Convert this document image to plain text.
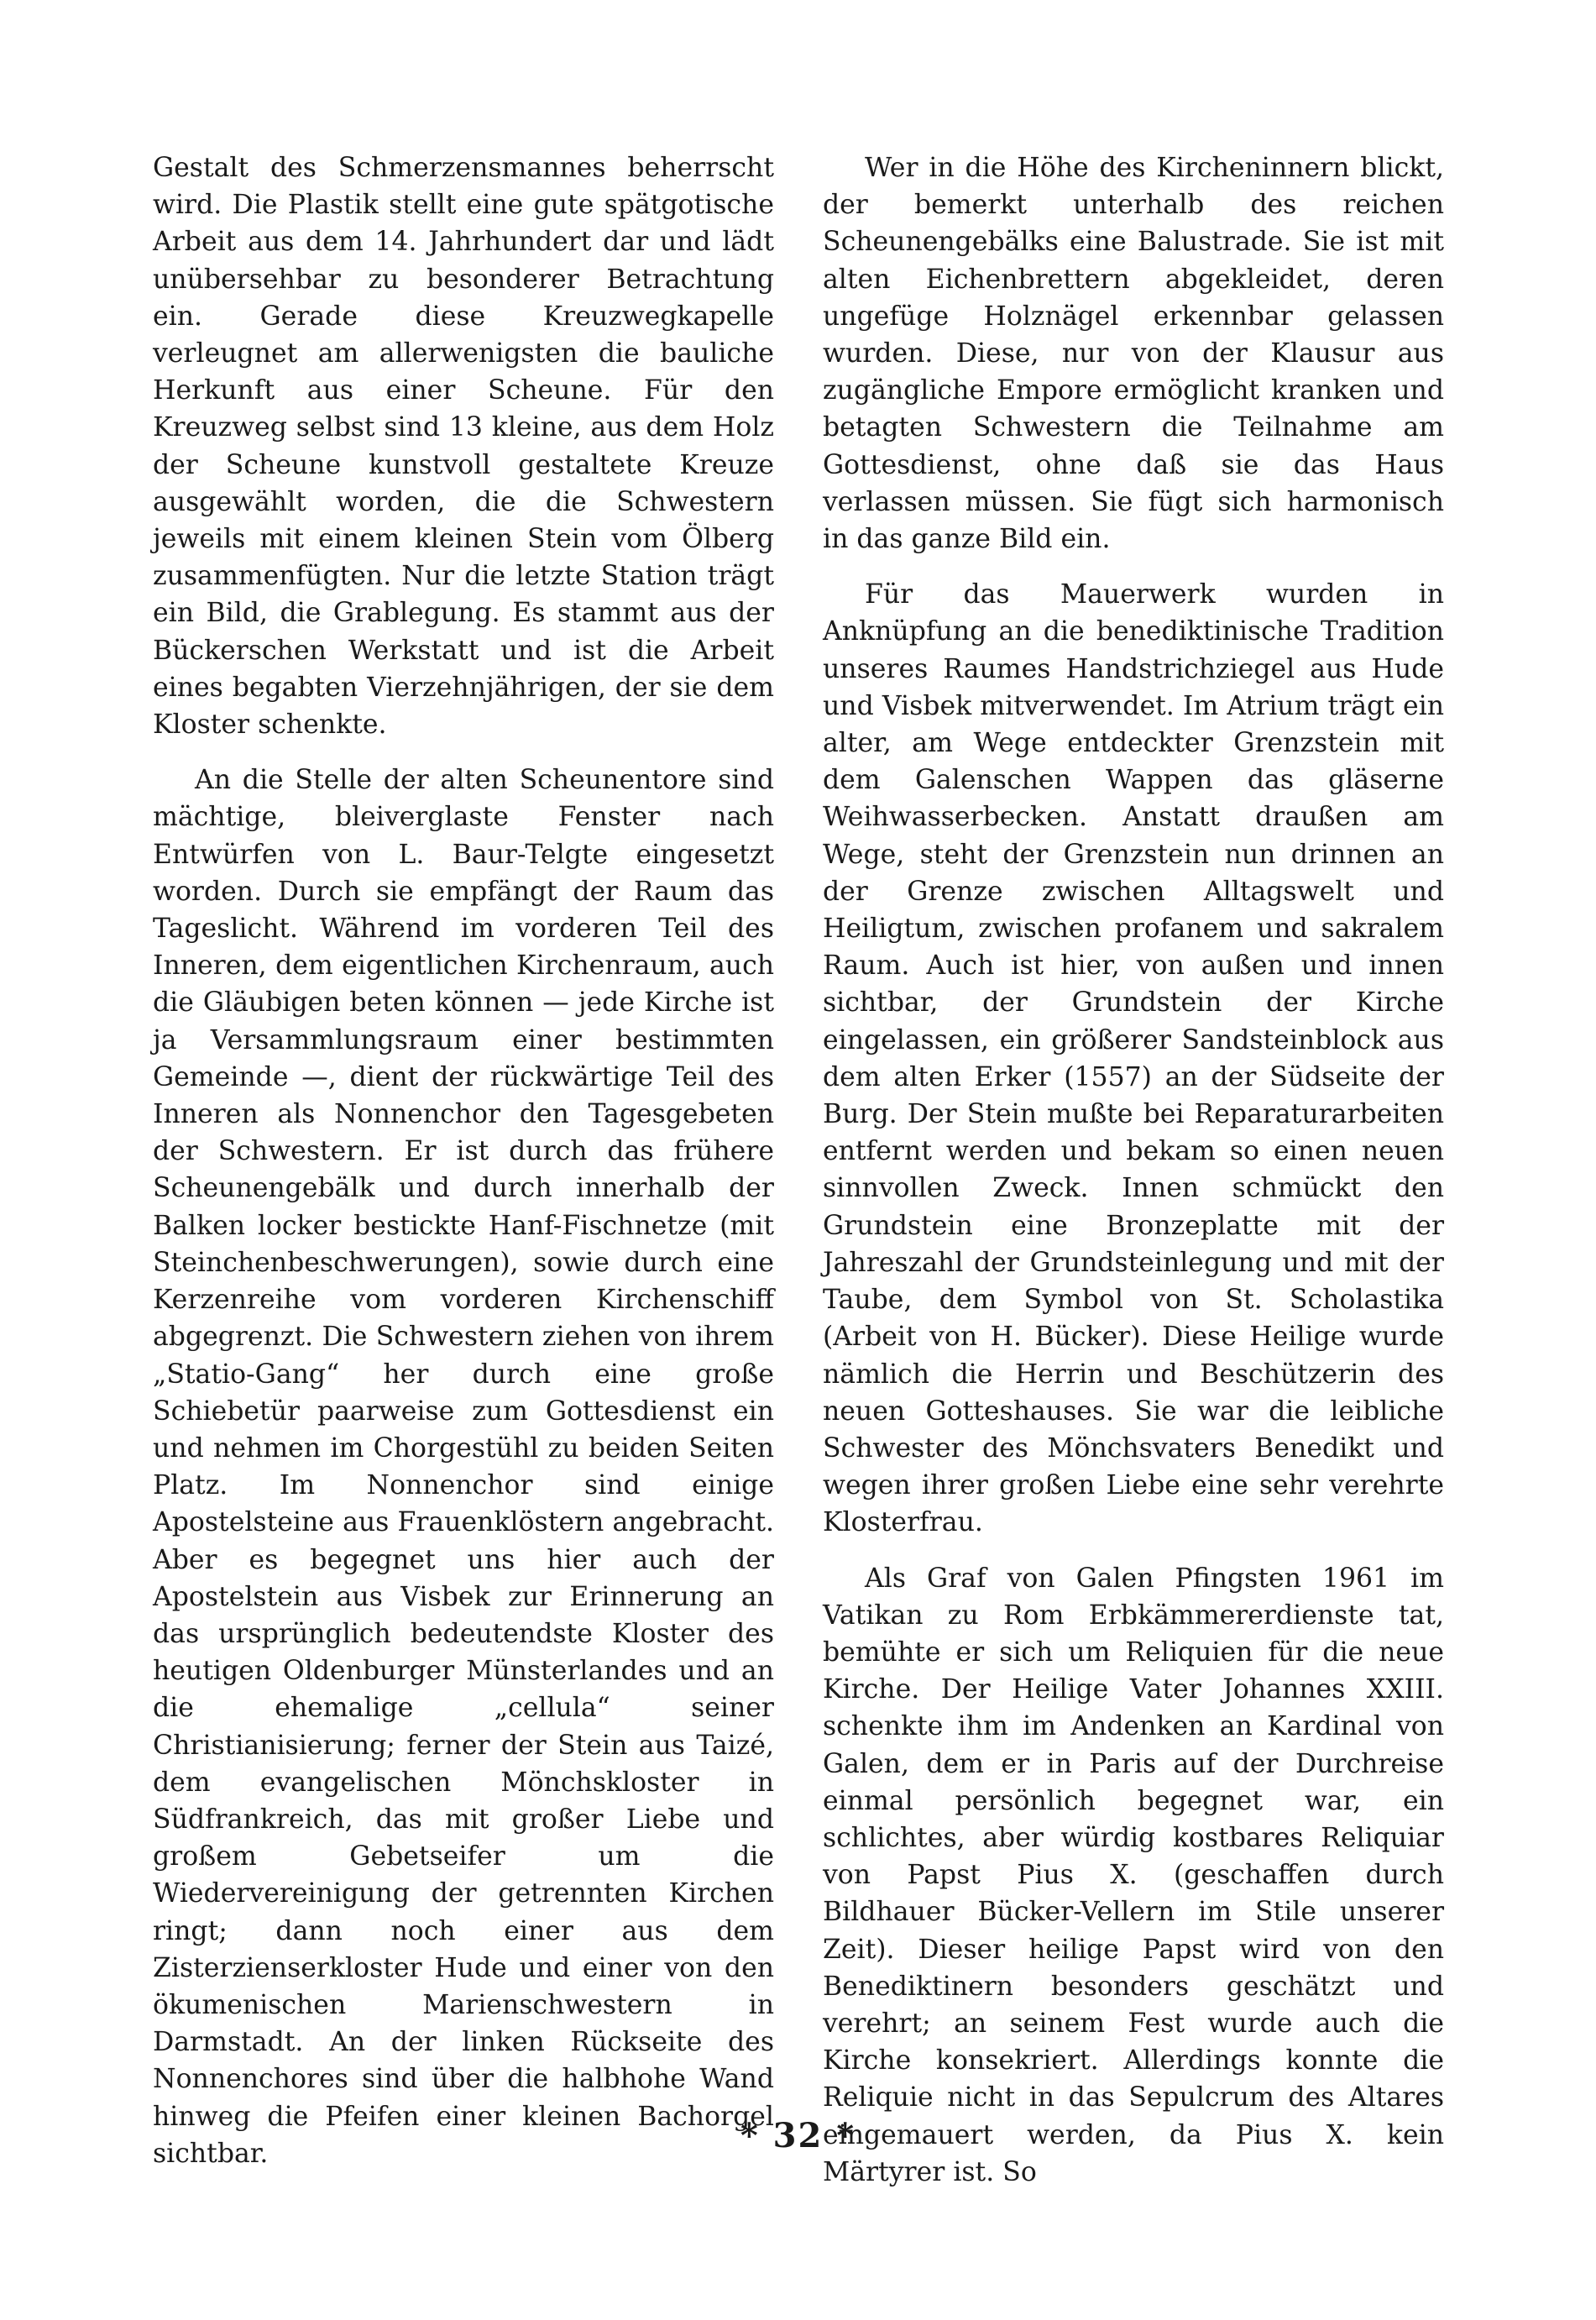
Gestalt des Schmerzensmannes beherrscht wird. Die Plastik stellt eine gute spätgotische Arbeit aus dem 14. Jahrhundert dar und lädt unübersehbar zu besonderer Betrachtung ein. Gerade diese Kreuzwegkapelle verleugnet am allerwenigsten die bauliche Herkunft aus einer Scheune. Für den Kreuzweg selbst sind 13 kleine, aus dem Holz der Scheune kunstvoll gestaltete Kreuze ausgewählt worden, die die Schwestern jeweils mit einem kleinen Stein vom Ölberg zusammenfügten. Nur die letzte Station trägt ein Bild, die Grablegung. Es stammt aus der Bückerschen Werkstatt und ist die Arbeit eines begabten Vierzehnjährigen, der sie dem Kloster schenkte.

An die Stelle der alten Scheunentore sind mächtige, bleiverglaste Fenster nach Entwürfen von L. Baur-Telgte eingesetzt worden. Durch sie empfängt der Raum das Tageslicht. Während im vorderen Teil des Inneren, dem eigentlichen Kirchenraum, auch die Gläubigen beten können — jede Kirche ist ja Versammlungsraum einer bestimmten Gemeinde —, dient der rückwärtige Teil des Inneren als Nonnenchor den Tagesgebeten der Schwestern. Er ist durch das frühere Scheunengebälk und durch innerhalb der Balken locker bestickte Hanf-Fischnetze (mit Steinchenbeschwerungen), sowie durch eine Kerzenreihe vom vorderen Kirchenschiff abgegrenzt. Die Schwestern ziehen von ihrem „Statio-Gang“ her durch eine große Schiebetür paarweise zum Gottesdienst ein und nehmen im Chorgestühl zu beiden Seiten Platz. Im Nonnenchor sind einige Apostelsteine aus Frauenklöstern angebracht. Aber es begegnet uns hier auch der Apostelstein aus Visbek zur Erinnerung an das ursprünglich bedeutendste Kloster des heutigen Oldenburger Münsterlandes und an die ehemalige „cellula“ seiner Christianisierung; ferner der Stein aus Taizé, dem evangelischen Mönchskloster in Südfrankreich, das mit großer Liebe und großem Gebetseifer um die Wiedervereinigung der getrennten Kirchen ringt; dann noch einer aus dem Zisterzienserkloster Hude und einer von den ökumenischen Marienschwestern in Darmstadt. An der linken Rückseite des Nonnenchores sind über die halbhohe Wand hinweg die Pfeifen einer kleinen Bachorgel sichtbar.

Wer in die Höhe des Kircheninnern blickt, der bemerkt unterhalb des reichen Scheunengebälks eine Balustrade. Sie ist mit alten Eichenbrettern abgekleidet, deren ungefüge Holznägel erkennbar gelassen wurden. Diese, nur von der Klausur aus zugängliche Empore ermöglicht kranken und betagten Schwestern die Teilnahme am Gottesdienst, ohne daß sie das Haus verlassen müssen. Sie fügt sich harmonisch in das ganze Bild ein.

Für das Mauerwerk wurden in Anknüpfung an die benediktinische Tradition unseres Raumes Handstrichziegel aus Hude und Visbek mitverwendet. Im Atrium trägt ein alter, am Wege entdeckter Grenzstein mit dem Galenschen Wappen das gläserne Weihwasserbecken. Anstatt draußen am Wege, steht der Grenzstein nun drinnen an der Grenze zwischen Alltagswelt und Heiligtum, zwischen profanem und sakralem Raum. Auch ist hier, von außen und innen sichtbar, der Grundstein der Kirche eingelassen, ein größerer Sandsteinblock aus dem alten Erker (1557) an der Südseite der Burg. Der Stein mußte bei Reparaturarbeiten entfernt werden und bekam so einen neuen sinnvollen Zweck. Innen schmückt den Grundstein eine Bronzeplatte mit der Jahreszahl der Grundsteinlegung und mit der Taube, dem Symbol von St. Scholastika (Arbeit von H. Bücker). Diese Heilige wurde nämlich die Herrin und Beschützerin des neuen Gotteshauses. Sie war die leibliche Schwester des Mönchsvaters Benedikt und wegen ihrer großen Liebe eine sehr verehrte Klosterfrau.

Als Graf von Galen Pfingsten 1961 im Vatikan zu Rom Erbkämmererdienste tat, bemühte er sich um Reliquien für die neue Kirche. Der Heilige Vater Johannes XXIII. schenkte ihm im Andenken an Kardinal von Galen, dem er in Paris auf der Durchreise einmal persönlich begegnet war, ein schlichtes, aber würdig kostbares Reliquiar von Papst Pius X. (geschaffen durch Bildhauer Bücker-Vellern im Stile unserer Zeit). Dieser heilige Papst wird von den Benediktinern besonders geschätzt und verehrt; an seinem Fest wurde auch die Kirche konsekriert. Allerdings konnte die Reliquie nicht in das Sepulcrum des Altares eingemauert werden, da Pius X. kein Märtyrer ist. So

* 32 *
